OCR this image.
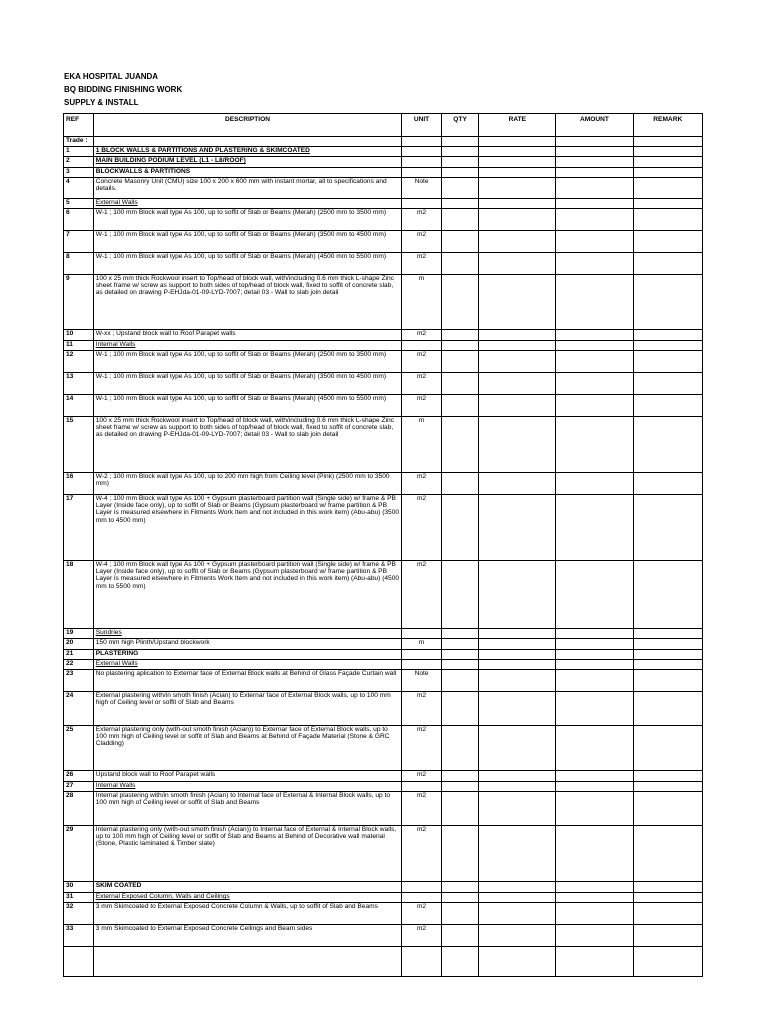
EKA HOSPITAL JUANDA
BQ BIDDING FINISHING WORK
SUPPLY & INSTALL
REF	DESCRIPTION	UNIT	QTY	RATE	AMOUNT	REMARK
Trade :						
1	1 BLOCK WALLS & PARTITIONS AND PLASTERING & SKIMCOATED					
2	MAIN BUILDING PODIUM LEVEL (L1 - L8/ROOF)					
3	BLOCKWALLS & PARTITIONS					
4	Concrete Masonry Unit (CMU) size 100 x 200 x 600 mm with instant mortar, all to specifications and details.	Note				
5	External Walls					
6	W-1 ; 100 mm Block wall type As 100, up to soffit of Slab or Beams (Merah) (2500 mm to 3500 mm)	m2				
7	W-1 ; 100 mm Block wall type As 100, up to soffit of Slab or Beams (Merah) (3500 mm to 4500 mm)	m2				
8	W-1 ; 100 mm Block wall type As 100, up to soffit of Slab or Beams (Merah) (4500 mm to 5500 mm)	m2				
9	100 x 25 mm thick Rockwool insert to Top/head of block wall, with/including 0.6 mm thick L-shape Zinc sheet frame w/ screw as support to both sides of top/head of block wall, fixed to soffit of concrete slab, as detailed on drawing P-EHJda-01-09-LYD-7007; detail 03 - Wall to slab join detail	m				
10	W-xx ; Upstand block wall to Roof Parapet walls	m2				
11	Internal Walls					
12	W-1 ; 100 mm Block wall type As 100, up to soffit of Slab or Beams (Merah) (2500 mm to 3500 mm)	m2				
13	W-1 ; 100 mm Block wall type As 100, up to soffit of Slab or Beams (Merah) (3500 mm to 4500 mm)	m2				
14	W-1 ; 100 mm Block wall type As 100, up to soffit of Slab or Beams (Merah) (4500 mm to 5500 mm)	m2				
15	100 x 25 mm thick Rockwool insert to Top/head of block wall, with/including 0.6 mm thick L-shape Zinc sheet frame w/ screw as support to both sides of top/head of block wall, fixed to soffit of concrete slab, as detailed on drawing P-EHJda-01-09-LYD-7007; detail 03 - Wall to slab join detail	m				
16	W-2 ; 100 mm Block wall type As 100, up to 200 mm high from Ceiling level (Pink) (2500 mm to 3500 mm)	m2				
17	W-4 ; 100 mm Block wall type As 100 + Gypsum plasterboard partition wall (Single side) w/ frame & PB Layer (Inside face only), up to soffit of Slab or Beams (Gypsum plasterboard w/ frame partition & PB Layer is measured elsewhere in Fitments Work Item and not included in this work item) (Abu-abu) (3500 mm to 4500 mm)	m2				
18	W-4 ; 100 mm Block wall type As 100 + Gypsum plasterboard partition wall (Single side) w/ frame & PB Layer (Inside face only), up to soffit of Slab or Beams (Gypsum plasterboard w/ frame partition & PB Layer is measured elsewhere in Fitments Work Item and not included in this work item) (Abu-abu) (4500 mm to 5500 mm)	m2				
19	Sundries					
20	150 mm high Plinth/Upstand blockwork	m				
21	PLASTERING					
22	External Walls					
23	No plastering aplication to Externar face of External Block walls at Behind of Glass Façade Curtain wall	Note				
24	External plastering with/in smoth finish (Acian) to Externar face of External Block walls, up to 100 mm high of Ceiling level or soffit of Slab and Beams	m2				
25	External plastering only (with-out smoth finish (Acian)) to Externar face of External Block walls, up to 100 mm high of Ceiling level or soffit of Slab and Beams at Behind of Façade Material (Stone & GRC Cladding)	m2				
26	Upstand block wall to Roof Parapet walls	m2				
27	Internal Walls					
28	Internal plastering with/in smoth finish (Acian) to Internal face of External & Internal Block walls, up to 100 mm high of Ceiling level or soffit of Slab and Beams	m2				
29	Internal plastering only (with-out smoth finish (Acian)) to Internal face of External & Internal Block walls, up to 100 mm high of Ceiling level or soffit of Slab and Beams at Behind of Decorative wall material (Stone, Plastic laminated & Timber slate)	m2				
30	SKIM COATED					
31	External Exposed Column, Walls and Ceilings					
32	3 mm Skimcoated to External Exposed Concrete Column & Walls, up to soffit of Slab and Beams	m2				
33	3 mm Skimcoated to External Exposed Concrete Ceilings and Beam sides	m2				
